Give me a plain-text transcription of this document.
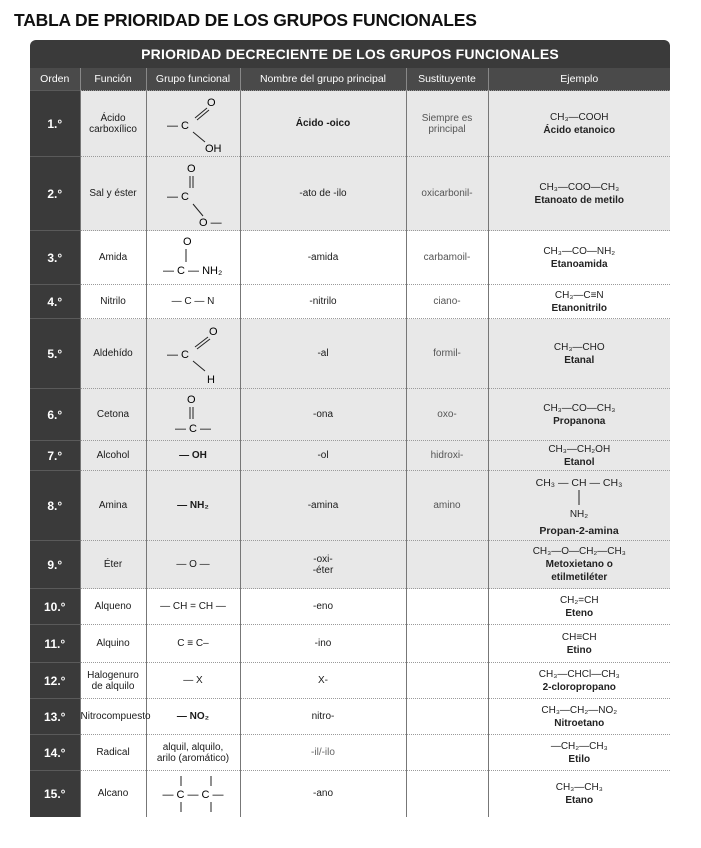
TABLA DE PRIORIDAD DE LOS GRUPOS FUNCIONALES
PRIORIDAD DECRECIENTE DE LOS GRUPOS FUNCIONALES					
Orden	Función	Grupo funcional	Nombre del grupo principal	Sustituyente	Ejemplo
1.°	Ácido carboxílico	O
— C
OH	Ácido -oico	Siempre es principal	CH₃—COOH
Ácido etanoico

2.°	Sal y éster	O
— C
O —	-ato de -ilo	oxicarbonil-	CH₃—COO—CH₃
Etanoato de metilo

3.°	Amida	O
— C — NH₂	-amida	carbamoil-	CH₃—CO—NH₂
Etanoamida

4.°	Nitrilo	— C — N	-nitrilo	ciano-	CH₃—C≡N
Etanonitrilo

5.°	Aldehído	O
— C
H	-al	formil-	CH₃—CHO
Etanal

6.°	Cetona	O
— C —	-ona	oxo-	CH₃—CO—CH₃
Propanona

7.°	Alcohol	— OH	-ol	hidroxi-	CH₃—CH₂OH
Etanol

8.°	Amina	— NH₂	-amina	amino	CH₃ — CH — CH₃
NH₂
Propan-2-amina

9.°	Éter	— O —	-oxi-
-éter		CH₃—O—CH₂—CH₃
Metoxietano o
etilmetiléter

10.°	Alqueno	— CH = CH —	-eno		CH₂=CH
Eteno

11.°	Alquino	C ≡ C–	-ino		CH≡CH
Etino

12.°	Halogenuro de alquilo	— X	X-		CH₃—CHCl—CH₃
2-cloropropano

13.°	Nitrocompuesto	— NO₂	nitro-		CH₃—CH₂—NO₂
Nitroetano

14.°	Radical	alquil, alquilo,
arilo (aromático)	-il/-ilo		—CH₂—CH₃
Etilo

15.°	Alcano	— C — C —	-ano		CH₃—CH₃
Etano
